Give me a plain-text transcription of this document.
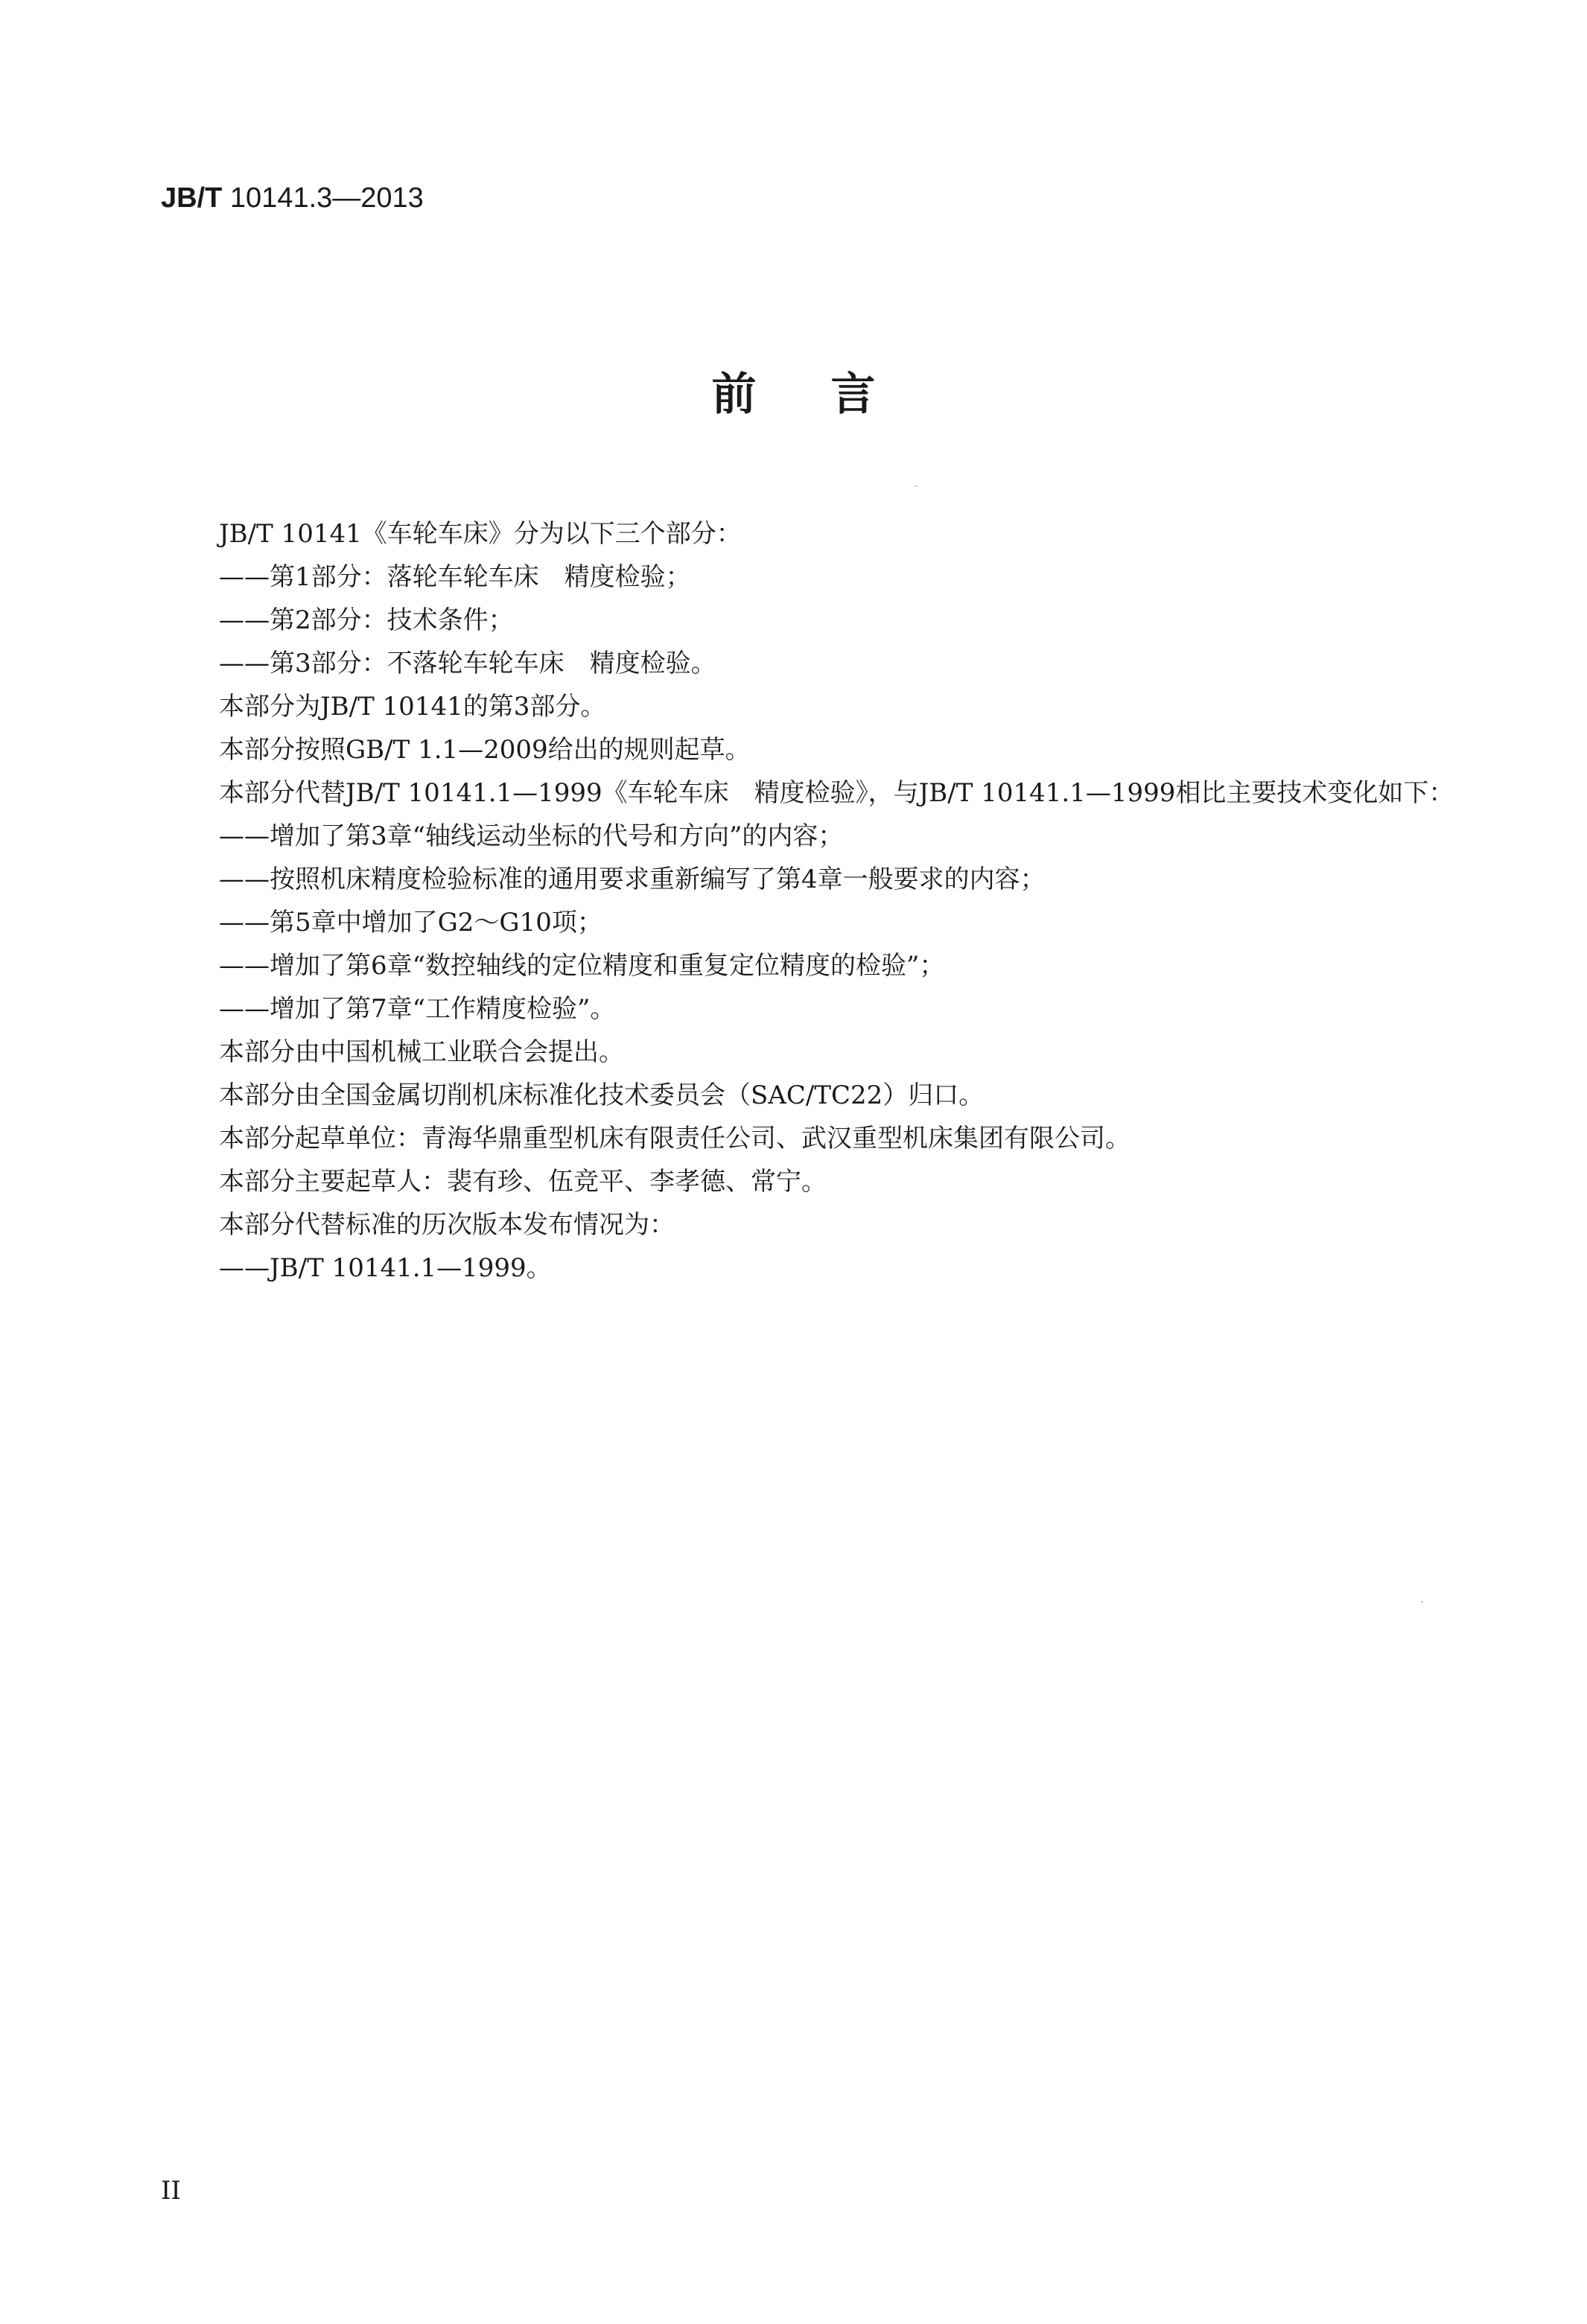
JB/T 10141.3—2013
前言
JB/T 10141《车轮车床》分为以下三个部分：
——第1部分：落轮车轮车床　精度检验；
——第2部分：技术条件；
——第3部分：不落轮车轮车床　精度检验。
本部分为JB/T 10141的第3部分。
本部分按照GB/T 1.1—2009给出的规则起草。
本部分代替JB/T 10141.1—1999《车轮车床　精度检验》，与JB/T 10141.1—1999相比主要技术变化如下：
——增加了第3章“轴线运动坐标的代号和方向”的内容；
——按照机床精度检验标准的通用要求重新编写了第4章一般要求的内容；
——第5章中增加了G2～G10项；
——增加了第6章“数控轴线的定位精度和重复定位精度的检验”；
——增加了第7章“工作精度检验”。
本部分由中国机械工业联合会提出。
本部分由全国金属切削机床标准化技术委员会（SAC/TC22）归口。
本部分起草单位：青海华鼎重型机床有限责任公司、武汉重型机床集团有限公司。
本部分主要起草人：裴有珍、伍竞平、李孝德、常宁。
本部分代替标准的历次版本发布情况为：
——JB/T 10141.1—1999。
II
